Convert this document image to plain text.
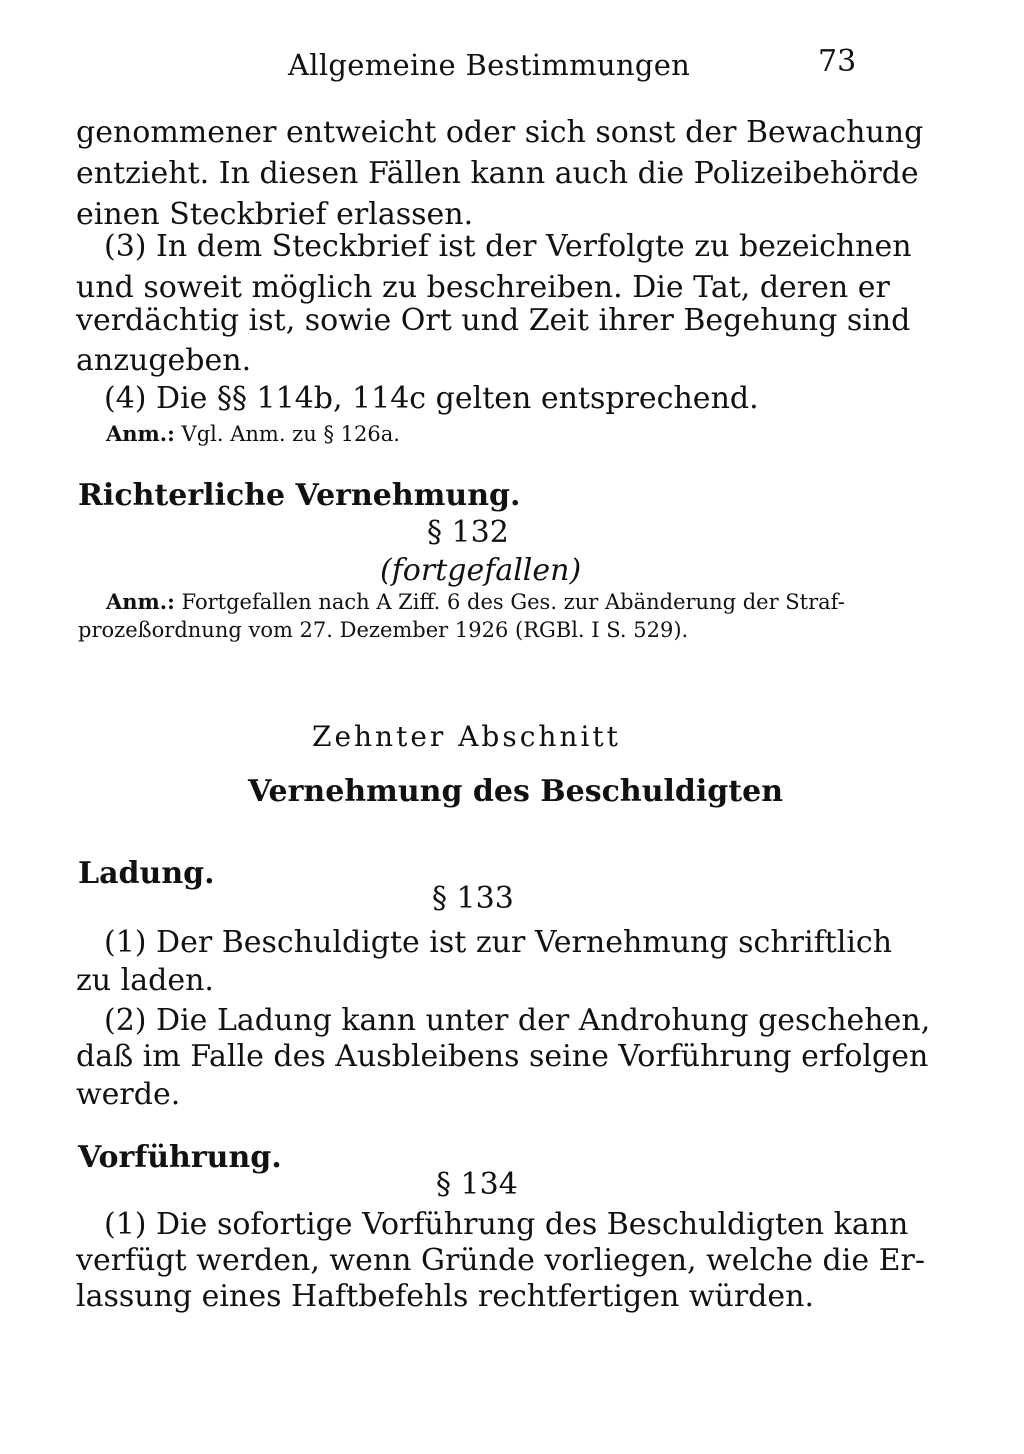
Allgemeine Bestimmungen	73
genommener entweicht oder sich sonst der Bewachung
entzieht. In diesen Fällen kann auch die Polizeibehörde
einen Steckbrief erlassen.
(3) In dem Steckbrief ist der Verfolgte zu bezeichnen
und soweit möglich zu beschreiben. Die Tat, deren er
verdächtig ist, sowie Ort und Zeit ihrer Begehung sind
anzugeben.
(4) Die §§ 114b, 114c gelten entsprechend.
Anm.: Vgl. Anm. zu § 126a.
Richterliche Vernehmung.
§ 132
(fortgefallen)
Anm.: Fortgefallen nach A Ziff. 6 des Ges. zur Abänderung der Straf-
prozeßordnung vom 27. Dezember 1926 (RGBl. I S. 529).
Zehnter Abschnitt
Vernehmung des Beschuldigten
Ladung.
§ 133
(1) Der Beschuldigte ist zur Vernehmung schriftlich
zu laden.
(2) Die Ladung kann unter der Androhung geschehen,
daß im Falle des Ausbleibens seine Vorführung erfolgen
werde.
Vorführung.
§ 134
(1) Die sofortige Vorführung des Beschuldigten kann
verfügt werden, wenn Gründe vorliegen, welche die Er-
lassung eines Haftbefehls rechtfertigen würden.
